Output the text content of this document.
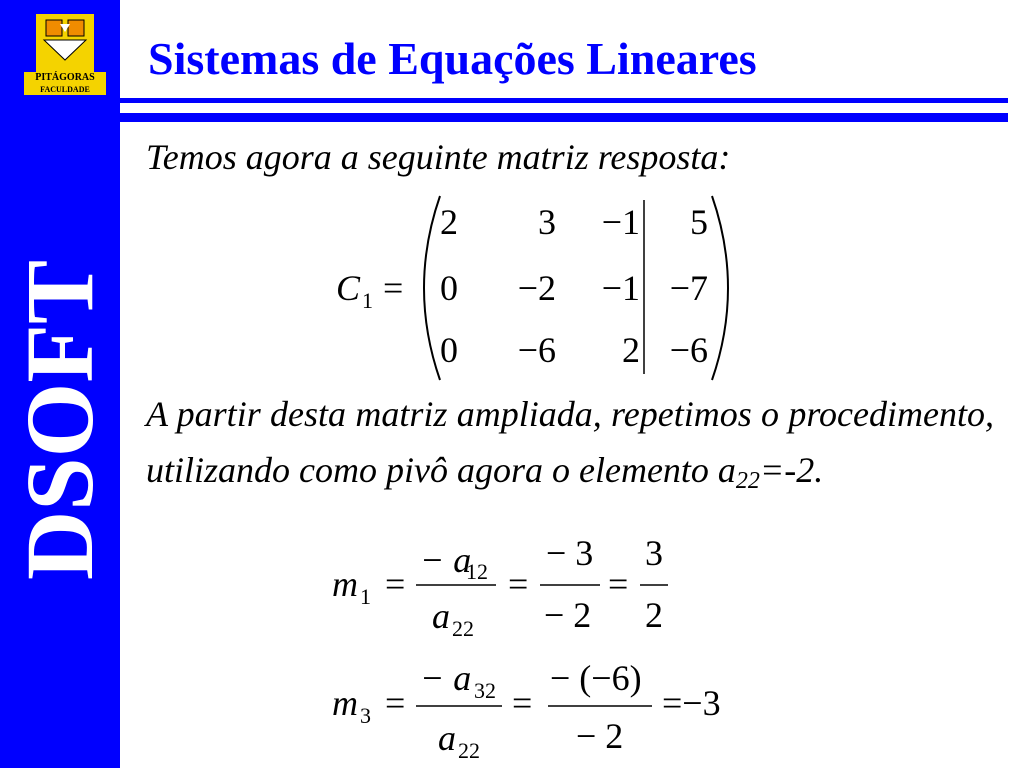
PITÁGORAS
FACULDADE
DSOFT
Sistemas de Equações Lineares
Temos agora a seguinte matriz resposta:
C 1 =
2 3 −1 5
0 −2 −1 −7
0 −6 2 −6
A partir desta matriz ampliada, repetimos o procedimento, utilizando como pivô agora o elemento $a_{22}=-2$.
m 1 =
− a
12
a 22
=
− 3
− 2
=
3
2
m 3 =
− a 32
a 22
=
− (−6)
− 2
=−3
